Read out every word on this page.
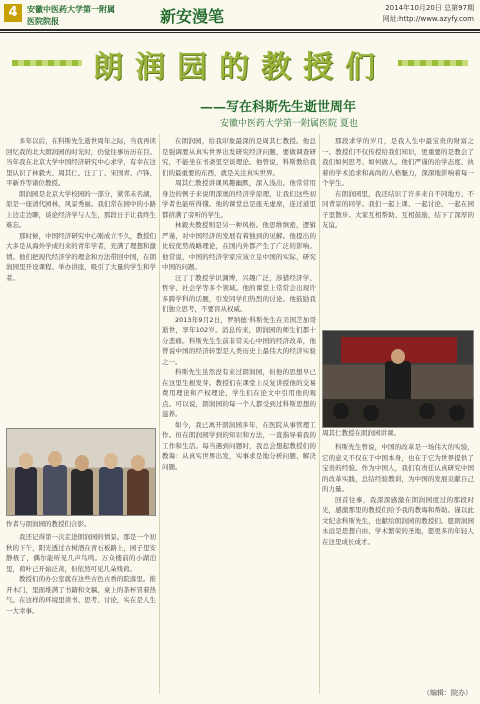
4	安徽中医药大学第一附属
医院院报	新安漫笔	2014年10月20日 总第97期
网址:http://www.azyfy.com
朗润园的教授们
——写在科斯先生逝世周年
安徽中医药大学第一附属医院 夏也

多年以后，在科斯先生逝世周年之际，当我再读回忆我的北大朗润园的时光时，仍觉往事历历在目。当年我在北京大学中国经济研究中心求学，有幸在这里认识了林毅夫、周其仁、汪丁丁、宋国青、卢锋、平新乔等诸位教授。

朗润园是北京大学校园的一部分，紧邻未名湖，原是一座清代园林，风景秀丽。我们常在园中的小路上边走边聊，谈论经济学与人生，那段日子让我终生难忘。

那时候，中国经济研究中心刚成立不久，教授们大多是从海外学成归来的青年学者，充满了理想和激情。他们把现代经济学的理念和方法带回中国，在朗润园里开设课程、举办讲座，吸引了大量的学生和学者。

作者与朗润园的教授们合影。

我还记得第一次走进朗润园的情景。那是一个初秋的下午，阳光透过古树洒在青石板路上，园子里安静极了，偶尔能听见几声鸟鸣。万众楼前的小湖泊里，荷叶已开始泛黄，但依然可见几朵残荷。

教授们的办公室就在这些古色古香的院落里。推开木门，里面堆满了书籍和文稿，桌上的茶杯冒着热气。在这样的环境里读书、思考、讨论，实在是人生一大幸事。

在朗润园，给我印象最深的是周其仁教授。他总是强调要从真实世界出发研究经济问题，要做调查研究，不能坐在书斋里空谈理论。他曾说，科斯教给我们的最重要的东西，就是关注真实世界。

周其仁教授讲课风趣幽默，深入浅出。他常常用身边的例子来说明深奥的经济学原理，让我们这些初学者也能听得懂。他的课堂总是座无虚席，连过道里都挤满了旁听的学生。

林毅夫教授则是另一种风格。他思维缜密，逻辑严谨，对中国经济的发展有着独到的见解。他提出的比较优势战略理论，在国内外都产生了广泛的影响。他常说，中国的经济学家应该立足中国的实际，研究中国的问题。

汪丁丁教授学识渊博，兴趣广泛，涉猎经济学、哲学、社会学等多个领域。他的课堂上常常会出现许多跨学科的话题，引发同学们热烈的讨论。他鼓励我们独立思考，不要盲从权威。

2013年9月2日，罗纳德·科斯先生在美国芝加哥逝世，享年102岁。消息传来，朗润园的师生们都十分悲痛。科斯先生生前非常关心中国的经济改革，他曾说中国的经济转型是人类历史上最伟大的经济实验之一。

科斯先生虽然没有来过朗润园，但他的思想早已在这里生根发芽。教授们在课堂上反复讲授他的交易费用理论和产权理论，学生们在论文中引用他的观点。可以说，朗润园的每一个人都受到过科斯思想的滋养。

如今，我已离开朗润园多年，在医院从事管理工作。但在朗润园学到的知识和方法，一直指导着我的工作和生活。每当遇到问题时，我总会想起教授们的教诲：从真实世界出发，实事求是地分析问题、解决问题。

那段求学的岁月，是我人生中最宝贵的财富之一。教授们不仅传授给我们知识，更重要的是教会了我们如何思考、如何做人。他们严谨的治学态度、执着的学术追求和高尚的人格魅力，深深地影响着每一个学生。

在朗润园里，我还结识了许多来自不同地方、不同背景的同学。我们一起上课、一起讨论、一起在园子里散步。大家互相帮助、互相鼓励，结下了深厚的友谊。

周其仁教授在朗润园讲课。

科斯先生曾说，中国的改革是一场伟大的实验，它的意义不仅在于中国本身，也在于它为世界提供了宝贵的经验。作为中国人，我们有责任认真研究中国的改革实践，总结经验教训，为中国的发展贡献自己的力量。

回首往事，我深深感激在朗润园度过的那段时光，感激那里的教授们给予我的教诲和帮助。谨以此文纪念科斯先生，也献给朗润园的教授们。愿朗润园永远是思想自由、学术繁荣的圣地，愿更多的年轻人在这里成长成才。

（编辑：院办）
